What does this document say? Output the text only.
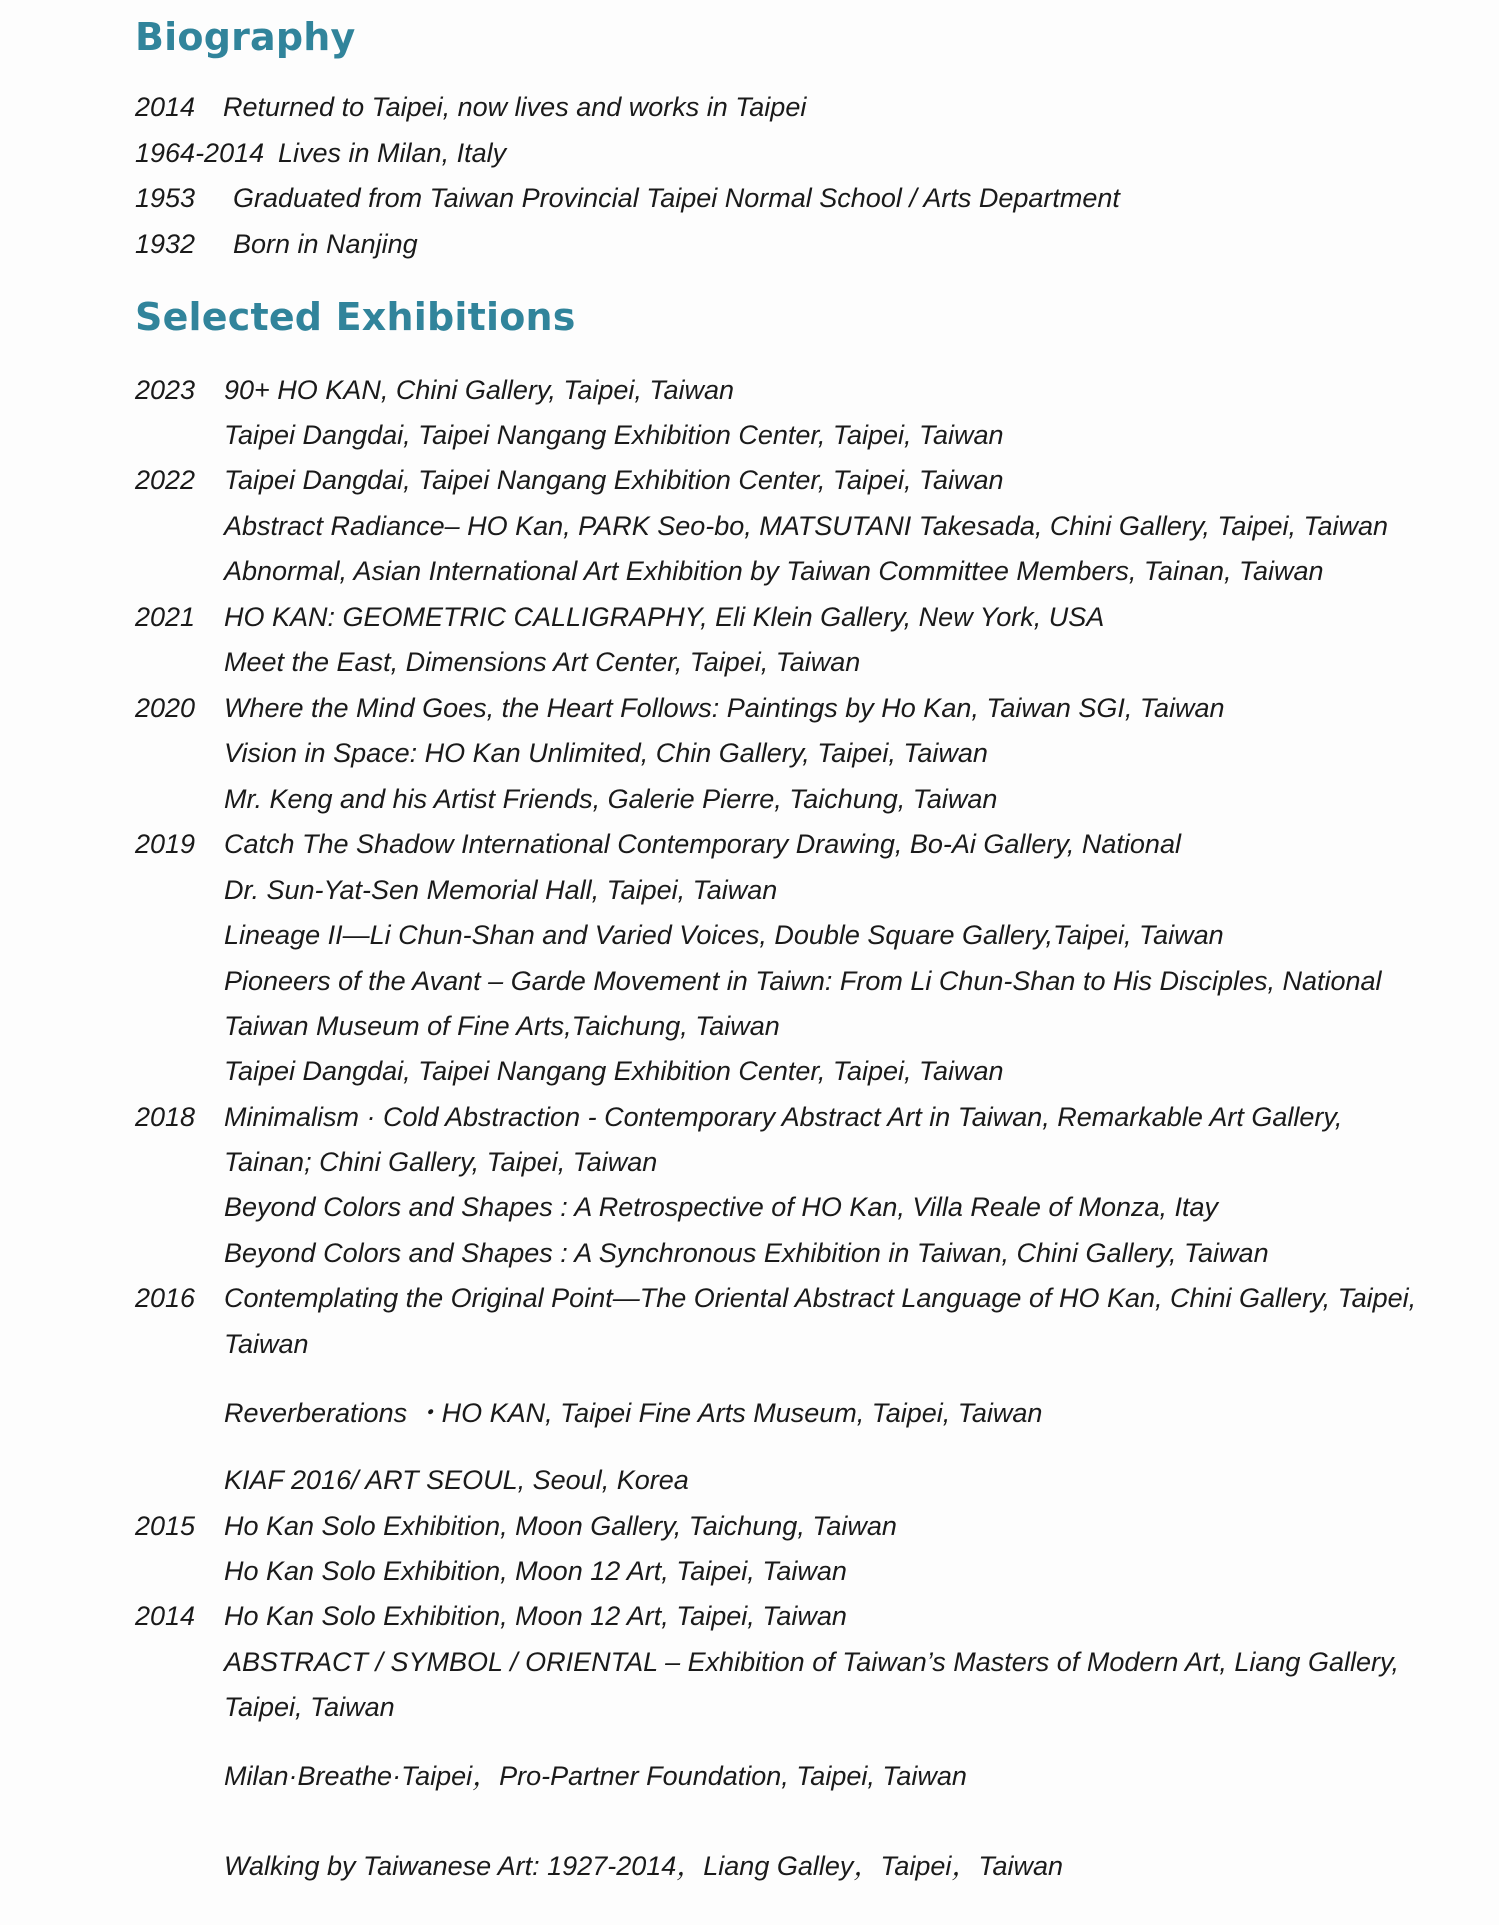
Biography
2014 Returned to Taipei, now lives and works in Taipei
1964-2014 Lives in Milan, Italy
1953 Graduated from Taiwan Provincial Taipei Normal School / Arts Department
1932 Born in Nanjing
Selected Exhibitions
2023
2022
2021
2020
2019
2018
2016
2015
2014
90+ HO KAN, Chini Gallery, Taipei, Taiwan
Taipei Dangdai, Taipei Nangang Exhibition Center, Taipei, Taiwan
Taipei Dangdai, Taipei Nangang Exhibition Center, Taipei, Taiwan
Abstract Radiance– HO Kan, PARK Seo-bo, MATSUTANI Takesada, Chini Gallery, Taipei, Taiwan
Abnormal, Asian International Art Exhibition by Taiwan Committee Members, Tainan, Taiwan
HO KAN: GEOMETRIC CALLIGRAPHY, Eli Klein Gallery, New York, USA
Meet the East, Dimensions Art Center, Taipei, Taiwan
Where the Mind Goes, the Heart Follows: Paintings by Ho Kan, Taiwan SGI, Taiwan
Vision in Space: HO Kan Unlimited, Chin Gallery, Taipei, Taiwan
Mr. Keng and his Artist Friends, Galerie Pierre, Taichung, Taiwan
Catch The Shadow International Contemporary Drawing, Bo-Ai Gallery, National
Dr. Sun-Yat-Sen Memorial Hall, Taipei, Taiwan
Lineage II—Li Chun-Shan and Varied Voices, Double Square Gallery,Taipei, Taiwan
Pioneers of the Avant – Garde Movement in Taiwn: From Li Chun-Shan to His Disciples, National
Taiwan Museum of Fine Arts,Taichung, Taiwan
Taipei Dangdai, Taipei Nangang Exhibition Center, Taipei, Taiwan
Minimalism · Cold Abstraction - Contemporary Abstract Art in Taiwan, Remarkable Art Gallery,
Tainan; Chini Gallery, Taipei, Taiwan
Beyond Colors and Shapes : A Retrospective of HO Kan, Villa Reale of Monza, Itay
Beyond Colors and Shapes : A Synchronous Exhibition in Taiwan, Chini Gallery, Taiwan
Contemplating the Original Point—The Oriental Abstract Language of HO Kan, Chini Gallery, Taipei,
Taiwan
Reverberations ・HO KAN, Taipei Fine Arts Museum, Taipei, Taiwan
KIAF 2016/ ART SEOUL, Seoul, Korea
Ho Kan Solo Exhibition, Moon Gallery, Taichung, Taiwan
Ho Kan Solo Exhibition, Moon 12 Art, Taipei, Taiwan
Ho Kan Solo Exhibition, Moon 12 Art, Taipei, Taiwan
ABSTRACT / SYMBOL / ORIENTAL – Exhibition of Taiwan’s Masters of Modern Art, Liang Gallery,
Taipei, Taiwan
Milan·Breathe·Taipei，Pro-Partner Foundation, Taipei, Taiwan
Walking by Taiwanese Art: 1927-2014，Liang Galley，Taipei，Taiwan
